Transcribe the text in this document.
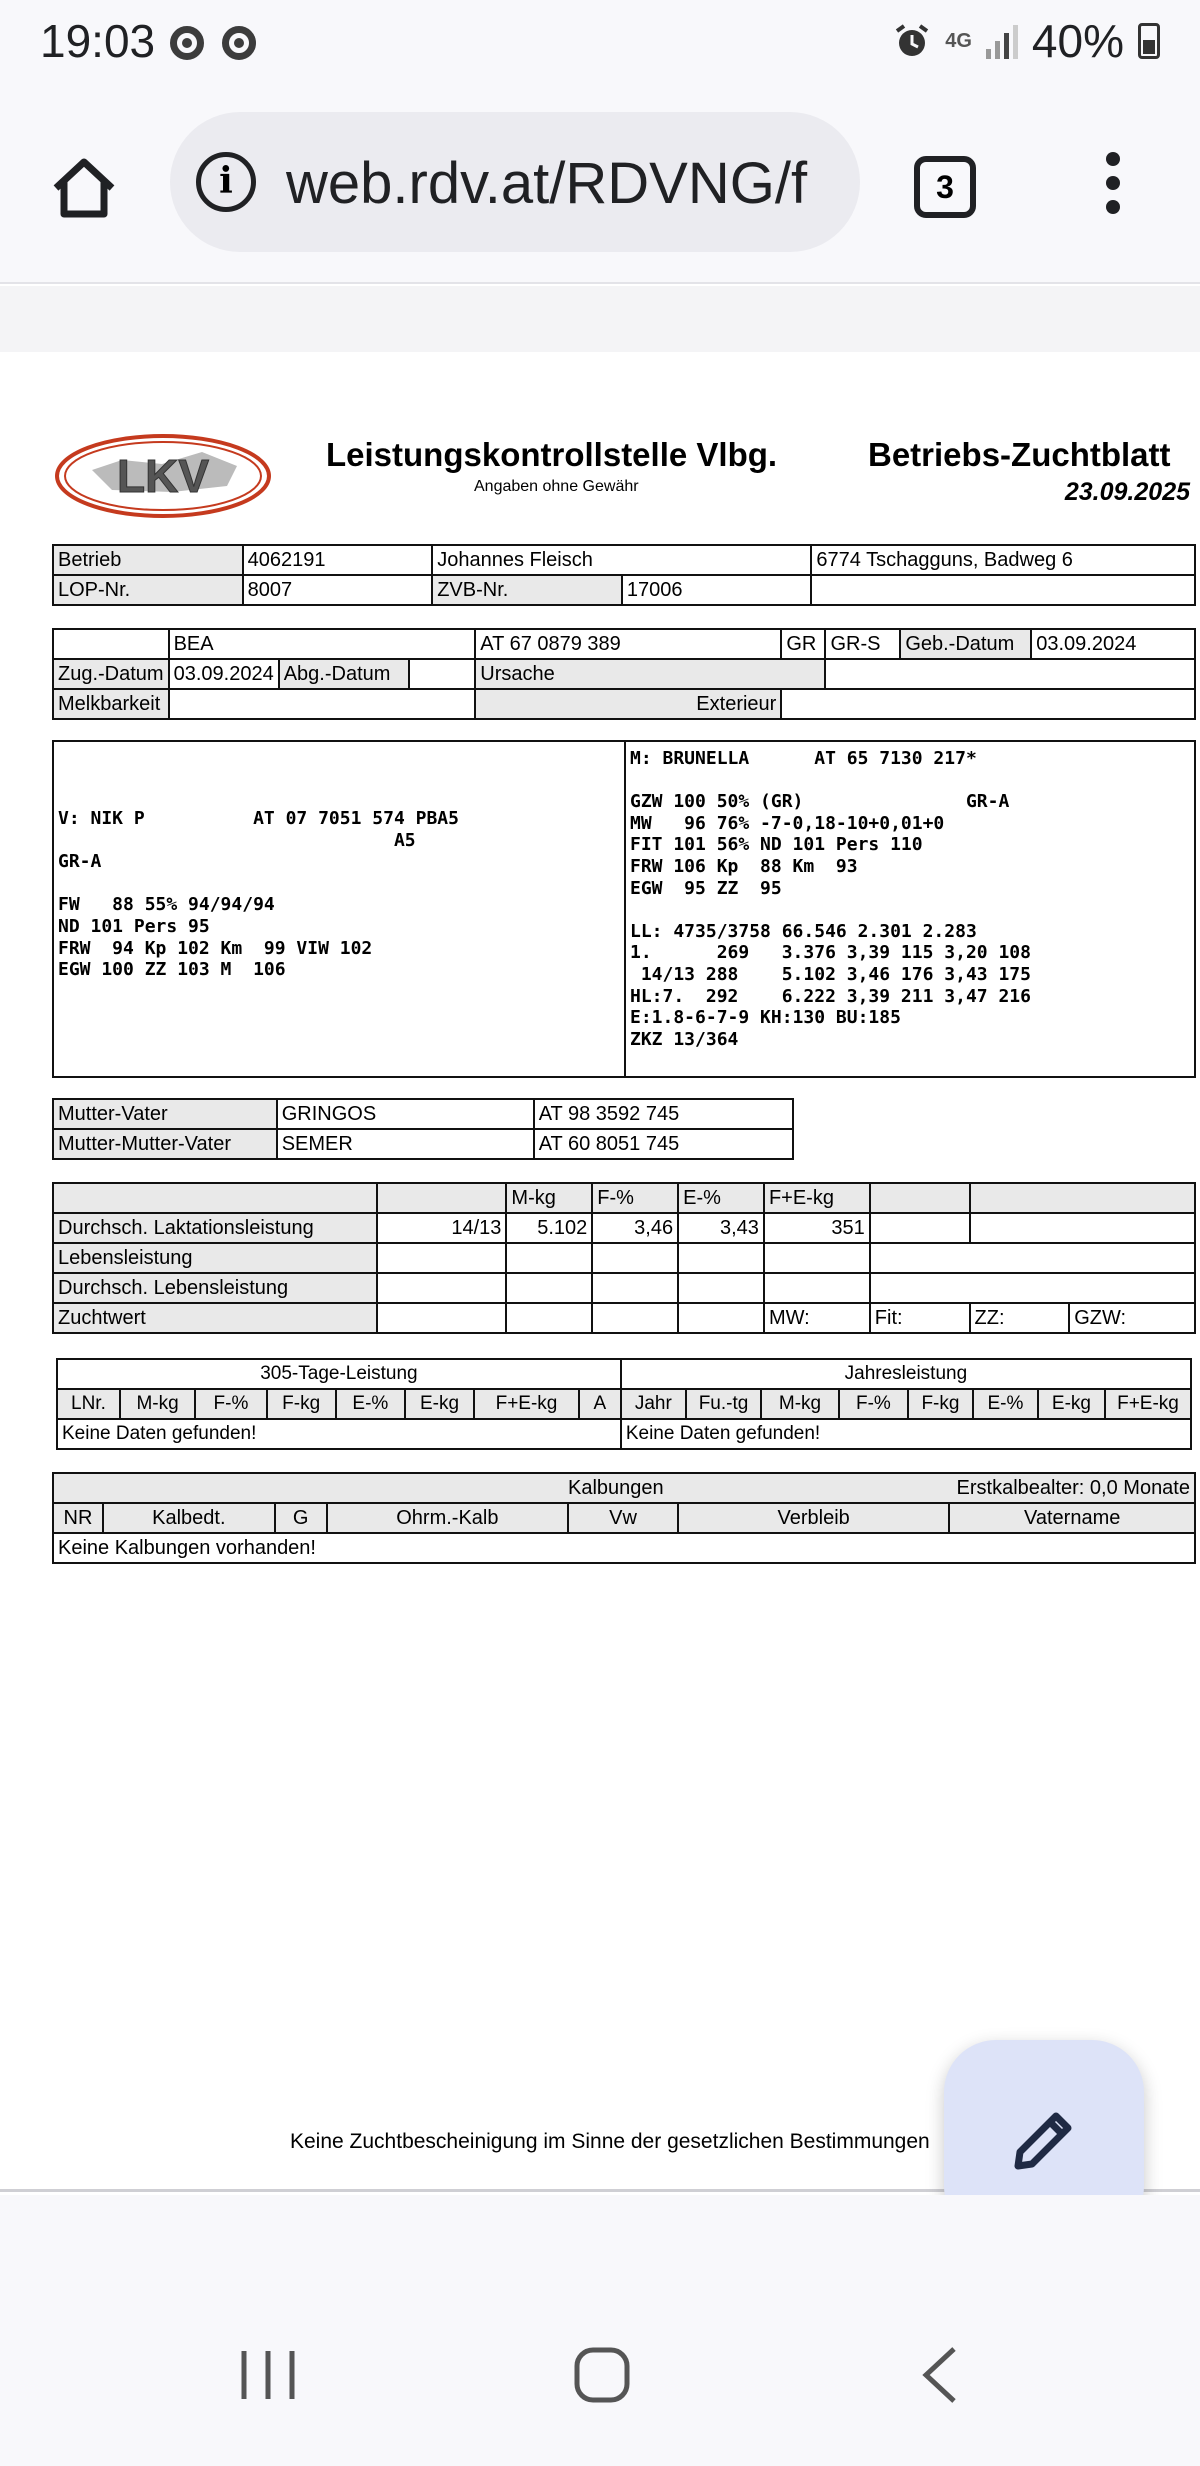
19:03	4G 40%
i web.rdv.at/RDVNG/f	3
LKV	Leistungskontrollstelle Vlbg.
Angaben ohne Gewähr
Betriebs-Zuchtblatt
23.09.2025
Betrieb	4062191	Johannes Fleisch		6774 Tschagguns, Badweg 6
LOP-Nr.	8007	ZVB-Nr.	17006	
	BEA			AT 67 0879 389	GR	GR-S	Geb.-Datum	03.09.2024
Zug.-Datum	03.09.2024	Abg.-Datum		Ursache				
Melkbarkeit				Exterieur				
V: NIK P          AT 07 7051 574 PBA5
A5
GR-A

FW   88 55% 94/94/94
ND 101 Pers 95
FRW  94 Kp 102 Km  99 VIW 102
EGW 100 ZZ 103 M  106
M: BRUNELLA      AT 65 7130 217*

GZW 100 50% (GR)               GR-A
MW   96 76% -7-0,18-10+0,01+0
FIT 101 56% ND 101 Pers 110
FRW 106 Kp  88 Km  93
EGW  95 ZZ  95

LL: 4735/3758 66.546 2.301 2.283
1.      269   3.376 3,39 115 3,20 108
14/13 288    5.102 3,46 176 3,43 175
HL:7.  292    6.222 3,39 211 3,47 216
E:1.8-6-7-9 KH:130 BU:185
ZKZ 13/364
Mutter-Vater	GRINGOS	AT 98 3592 745
Mutter-Mutter-Vater	SEMER	AT 60 8051 745
		M-kg	F-%	E-%	F+E-kg			
Durchsch. Laktationsleistung	14/13	5.102	3,46	3,43	351			
Lebensleistung								
Durchsch. Lebensleistung								
Zuchtwert					MW:	Fit:	ZZ:	GZW:
305-Tage-Leistung								Jahresleistung							
LNr.	M-kg	F-%	F-kg	E-%	E-kg	F+E-kg	A	Jahr	Fu.-tg	M-kg	F-%	F-kg	E-%	E-kg	F+E-kg
Keine Daten gefunden!								Keine Daten gefunden!							
Kalbungen	Erstkalbealter: 0,0 Monate

NR	Kalbedt.	G	Ohrm.-Kalb	Vw	Verbleib	Vatername
Keine Kalbungen vorhanden!
Keine Zuchtbescheinigung im Sinne der gesetzlichen Bestimmungen
